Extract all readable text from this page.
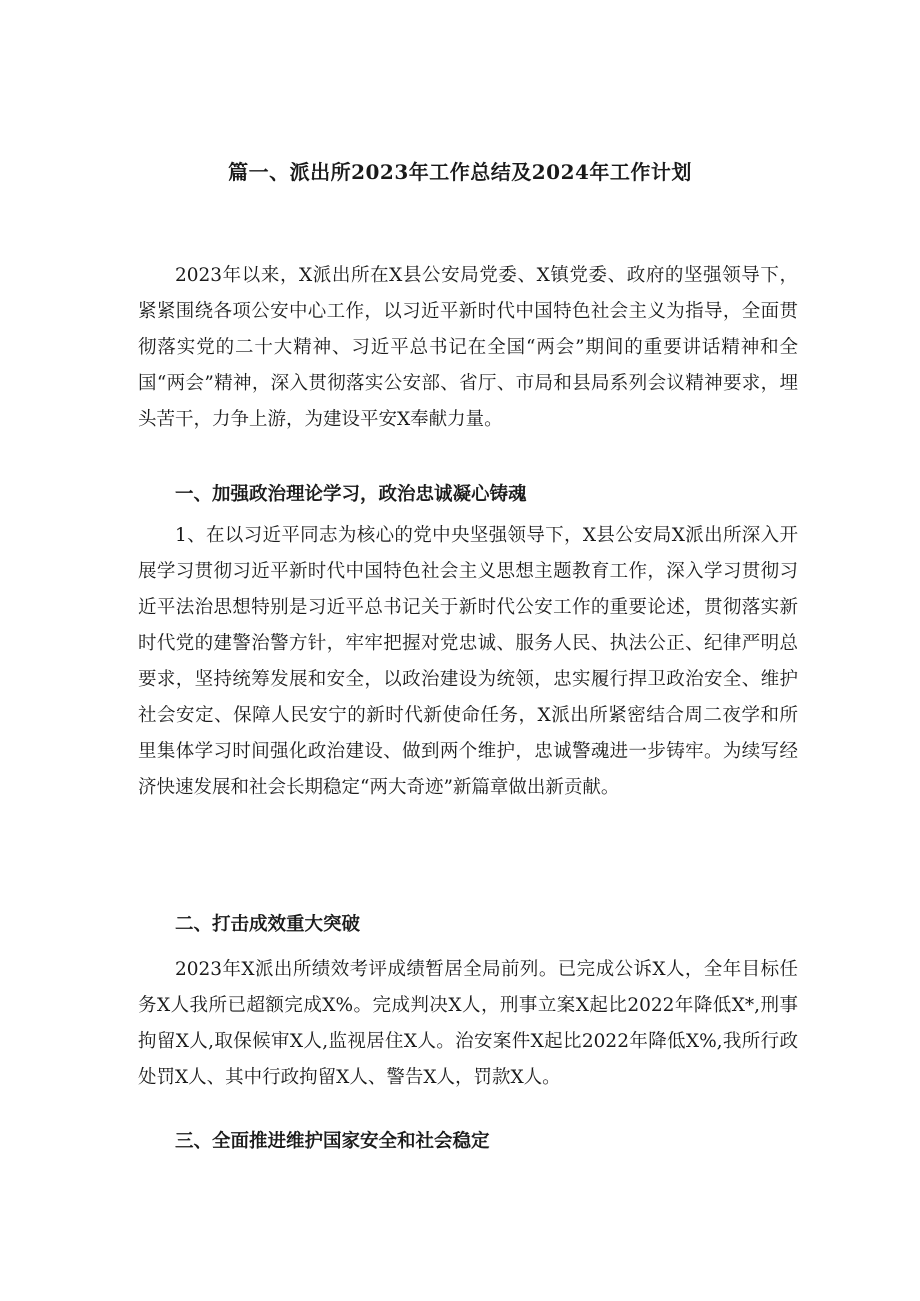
篇一、派出所2023年工作总结及2024年工作计划

2023年以来，X派出所在X县公安局党委、X镇党委、政府的坚强领导下，紧紧围绕各项公安中心工作，以习近平新时代中国特色社会主义为指导，全面贯彻落实党的二十大精神、习近平总书记在全国“两会”期间的重要讲话精神和全国“两会”精神，深入贯彻落实公安部、省厅、市局和县局系列会议精神要求，埋头苦干，力争上游，为建设平安X奉献力量。

一、加强政治理论学习，政治忠诚凝心铸魂

1、在以习近平同志为核心的党中央坚强领导下，X县公安局X派出所深入开展学习贯彻习近平新时代中国特色社会主义思想主题教育工作，深入学习贯彻习近平法治思想特别是习近平总书记关于新时代公安工作的重要论述，贯彻落实新时代党的建警治警方针，牢牢把握对党忠诚、服务人民、执法公正、纪律严明总要求，坚持统筹发展和安全，以政治建设为统领，忠实履行捍卫政治安全、维护社会安定、保障人民安宁的新时代新使命任务，X派出所紧密结合周二夜学和所里集体学习时间强化政治建设、做到两个维护，忠诚警魂进一步铸牢。为续写经济快速发展和社会长期稳定“两大奇迹”新篇章做出新贡献。

二、打击成效重大突破

2023年X派出所绩效考评成绩暂居全局前列。已完成公诉X人，全年目标任务X人我所已超额完成X%。完成判决X人，刑事立案X起比2022年降低X*,刑事拘留X人,取保候审X人,监视居住X人。治安案件X起比2022年降低X%,我所行政处罚X人、其中行政拘留X人、警告X人，罚款X人。

三、全面推进维护国家安全和社会稳定
